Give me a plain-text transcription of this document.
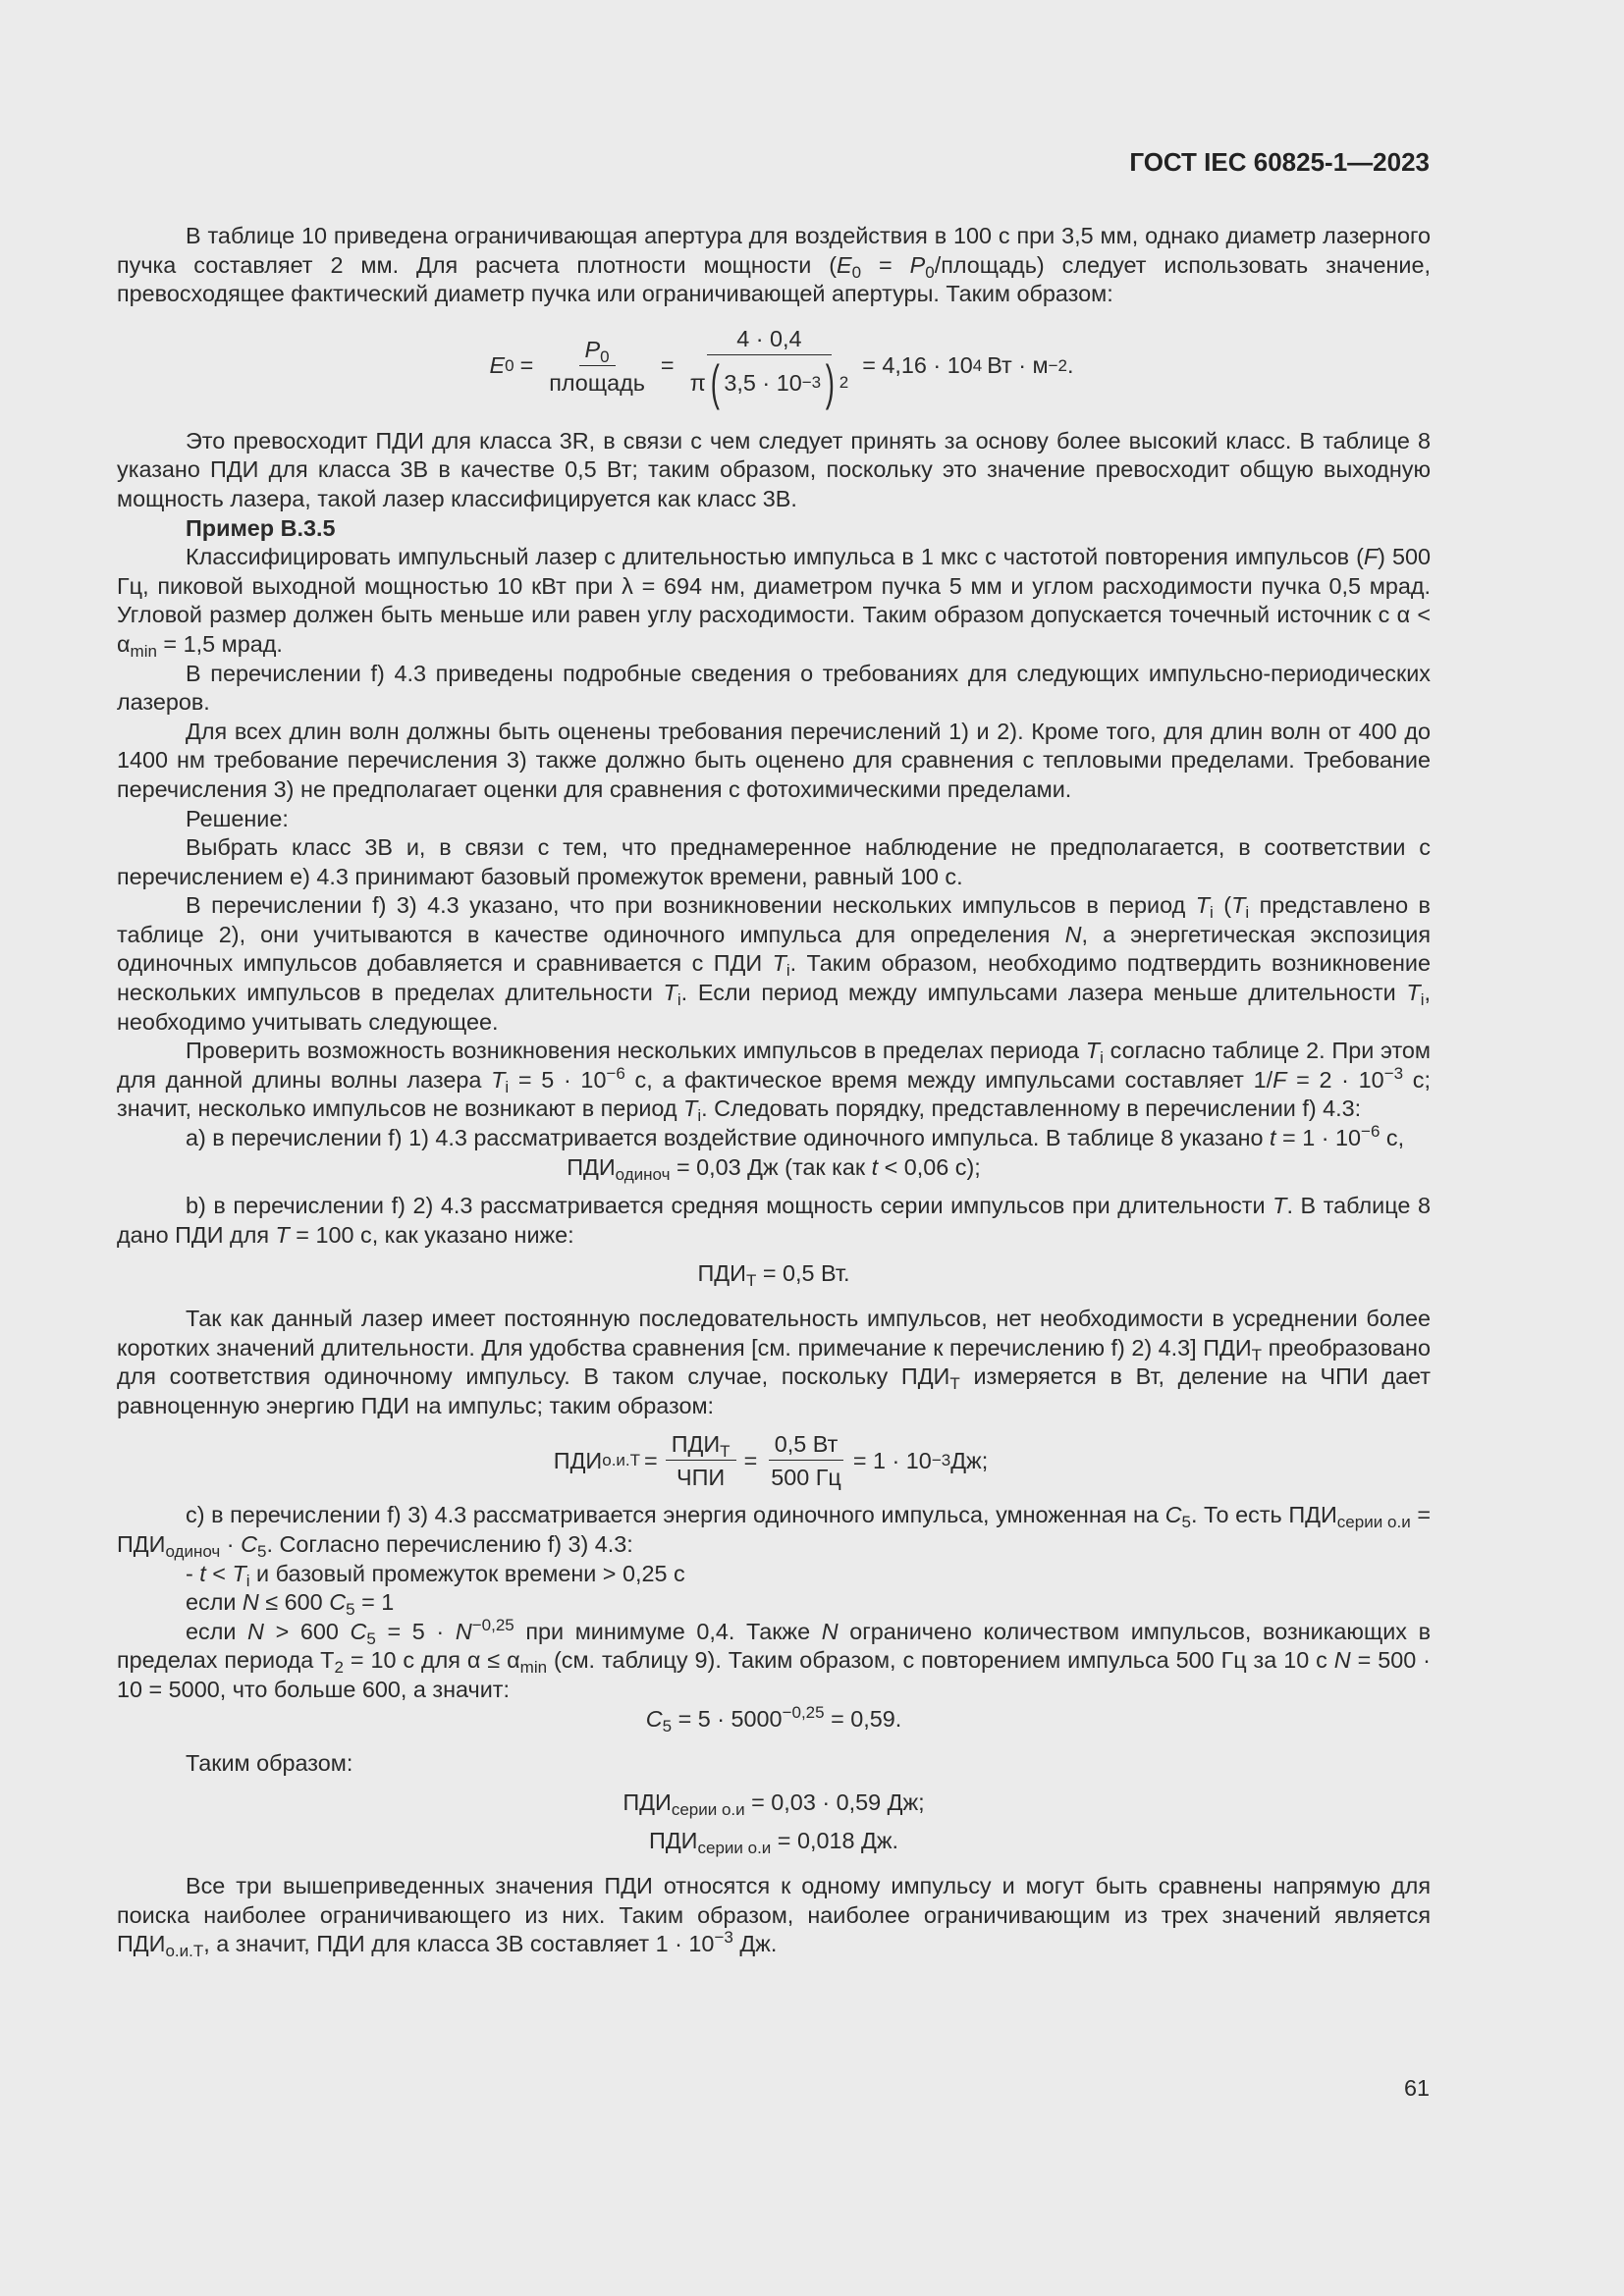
ГОСТ IEC 60825-1—2023

В таблице 10 приведена ограничивающая апертура для воздействия в 100 с при 3,5 мм, однако диаметр лазерного пучка составляет 2 мм. Для расчета плотности мощности ($E_0$ = $P_0/площадь$) следует использовать значение, превосходящее фактический диаметр пучка или ограничивающей апертуры. Таким образом:

E $0 = \frac{P_0}{\text{площадь}} = \frac{4 \cdot 0,4}{\pi ( 3,5 \cdot 10 -3 ) 2} = 4,16 \cdot 10$ 4 Вт · м −2 .

Это превосходит ПДИ для класса 3R, в связи с чем следует принять за основу более высокий класс. В таблице 8 указано ПДИ для класса 3В в качестве 0,5 Вт; таким образом, поскольку это значение превосходит общую выходную мощность лазера, такой лазер классифицируется как класс 3В.

Пример В.3.5

Классифицировать импульсный лазер с длительностью импульса в 1 мкс с частотой повторения импульсов (F) 500 Гц, пиковой выходной мощностью 10 кВт при λ = 694 нм, диаметром пучка 5 мм и углом расходимости пучка 0,5 мрад. Угловой размер должен быть меньше или равен углу расходимости. Таким образом допускается точечный источник с $\alpha < \alpha_{min} = 1,5$ мрад.

В перечислении f) 4.3 приведены подробные сведения о требованиях для следующих импульсно-периодических лазеров.

Для всех длин волн должны быть оценены требования перечислений 1) и 2). Кроме того, для длин волн от 400 до 1400 нм требование перечисления 3) также должно быть оценено для сравнения с тепловыми пределами. Требование перечисления 3) не предполагает оценки для сравнения с фотохимическими пределами.

Решение:

Выбрать класс 3В и, в связи с тем, что преднамеренное наблюдение не предполагается, в соответствии с перечислением е) 4.3 принимают базовый промежуток времени, равный 100 с.

В перечислении f) 3) 4.3 указано, что при возникновении нескольких импульсов в период $T_i$ ($T_i$ представлено в таблице 2), они учитываются в качестве одиночного импульса для определения N, а энергетическая экспозиция одиночных импульсов добавляется и сравнивается с ПДИ $T_i$. Таким образом, необходимо подтвердить возникновение нескольких импульсов в пределах длительности $T_i$. Если период между импульсами лазера меньше длительности $T_i$, необходимо учитывать следующее.

Проверить возможность возникновения нескольких импульсов в пределах периода $T_i$ согласно таблице 2. При этом для данной длины волны лазера $T_i = 5 \cdot 10^{-6}$ с, а фактическое время между импульсами составляет $1/F = 2 \cdot 10^{-3}$ с; значит, несколько импульсов не возникают в период $T_i$. Следовать порядку, представленному в перечислении f) 4.3:

a) в перечислении f) 1) 4.3 рассматривается воздействие одиночного импульса. В таблице 8 указано $t = 1 \cdot 10^{-6}$ с,

$ПДИ_{одиноч} = 0,03$ Дж (так как t < 0,06 с);

b) в перечислении f) 2) 4.3 рассматривается средняя мощность серии импульсов при длительности T. В таблице 8 дано ПДИ для T = 100 с, как указано ниже:

$ПДИ_T = 0,5$ Вт.

Так как данный лазер имеет постоянную последовательность импульсов, нет необходимости в усреднении более коротких значений длительности. Для удобства сравнения [см. примечание к перечислению f) 2) 4.3] $ПДИ_T$ преобразовано для соответствия одиночному импульсу. В таком случае, поскольку $ПДИ_T$ измеряется в Вт, деление на ЧПИ дает равноценную энергию ПДИ на импульс; таким образом:

ПДИ $о.и.T = \frac{ПДИ_T}{\text{ЧПИ}} = \frac{0,5 Вт}{500 Гц} = 1 \cdot 10 -3$ Дж;

c) в перечислении f) 3) 4.3 рассматривается энергия одиночного импульса, умноженная на $C_5$. То есть $ПДИ_{серии о.и} = ПДИ_{одиноч} \cdot C_5$. Согласно перечислению f) 3) 4.3:

- $t < T_i$ и базовый промежуток времени > 0,25 с

если N ≤ 600 $C_5 = 1$

если N > 600 $C_5 = 5 \cdot N^{-0,25}$ при минимуме 0,4. Также N ограничено количеством импульсов, возникающих в пределах периода $Т_2 = 10$ с для $\alpha \le \alpha_{min}$ (см. таблицу 9). Таким образом, с повторением импульса 500 Гц за 10 с N = 500 · 10 = 5000, что больше 600, а значит:

$C_5 = 5 \cdot 5000^{-0,25} = 0,59$.

Таким образом:

$ПДИ_{серии о.и} = 0,03 \cdot 0,59$ Дж;

$ПДИ_{серии о.и} = 0,018$ Дж.

Все три вышеприведенных значения ПДИ относятся к одному импульсу и могут быть сравнены напрямую для поиска наиболее ограничивающего из них. Таким образом, наиболее ограничивающим из трех значений является $ПДИ_{о.и.T}$, а значит, ПДИ для класса 3В составляет $1 \cdot 10^{-3}$ Дж.

61
